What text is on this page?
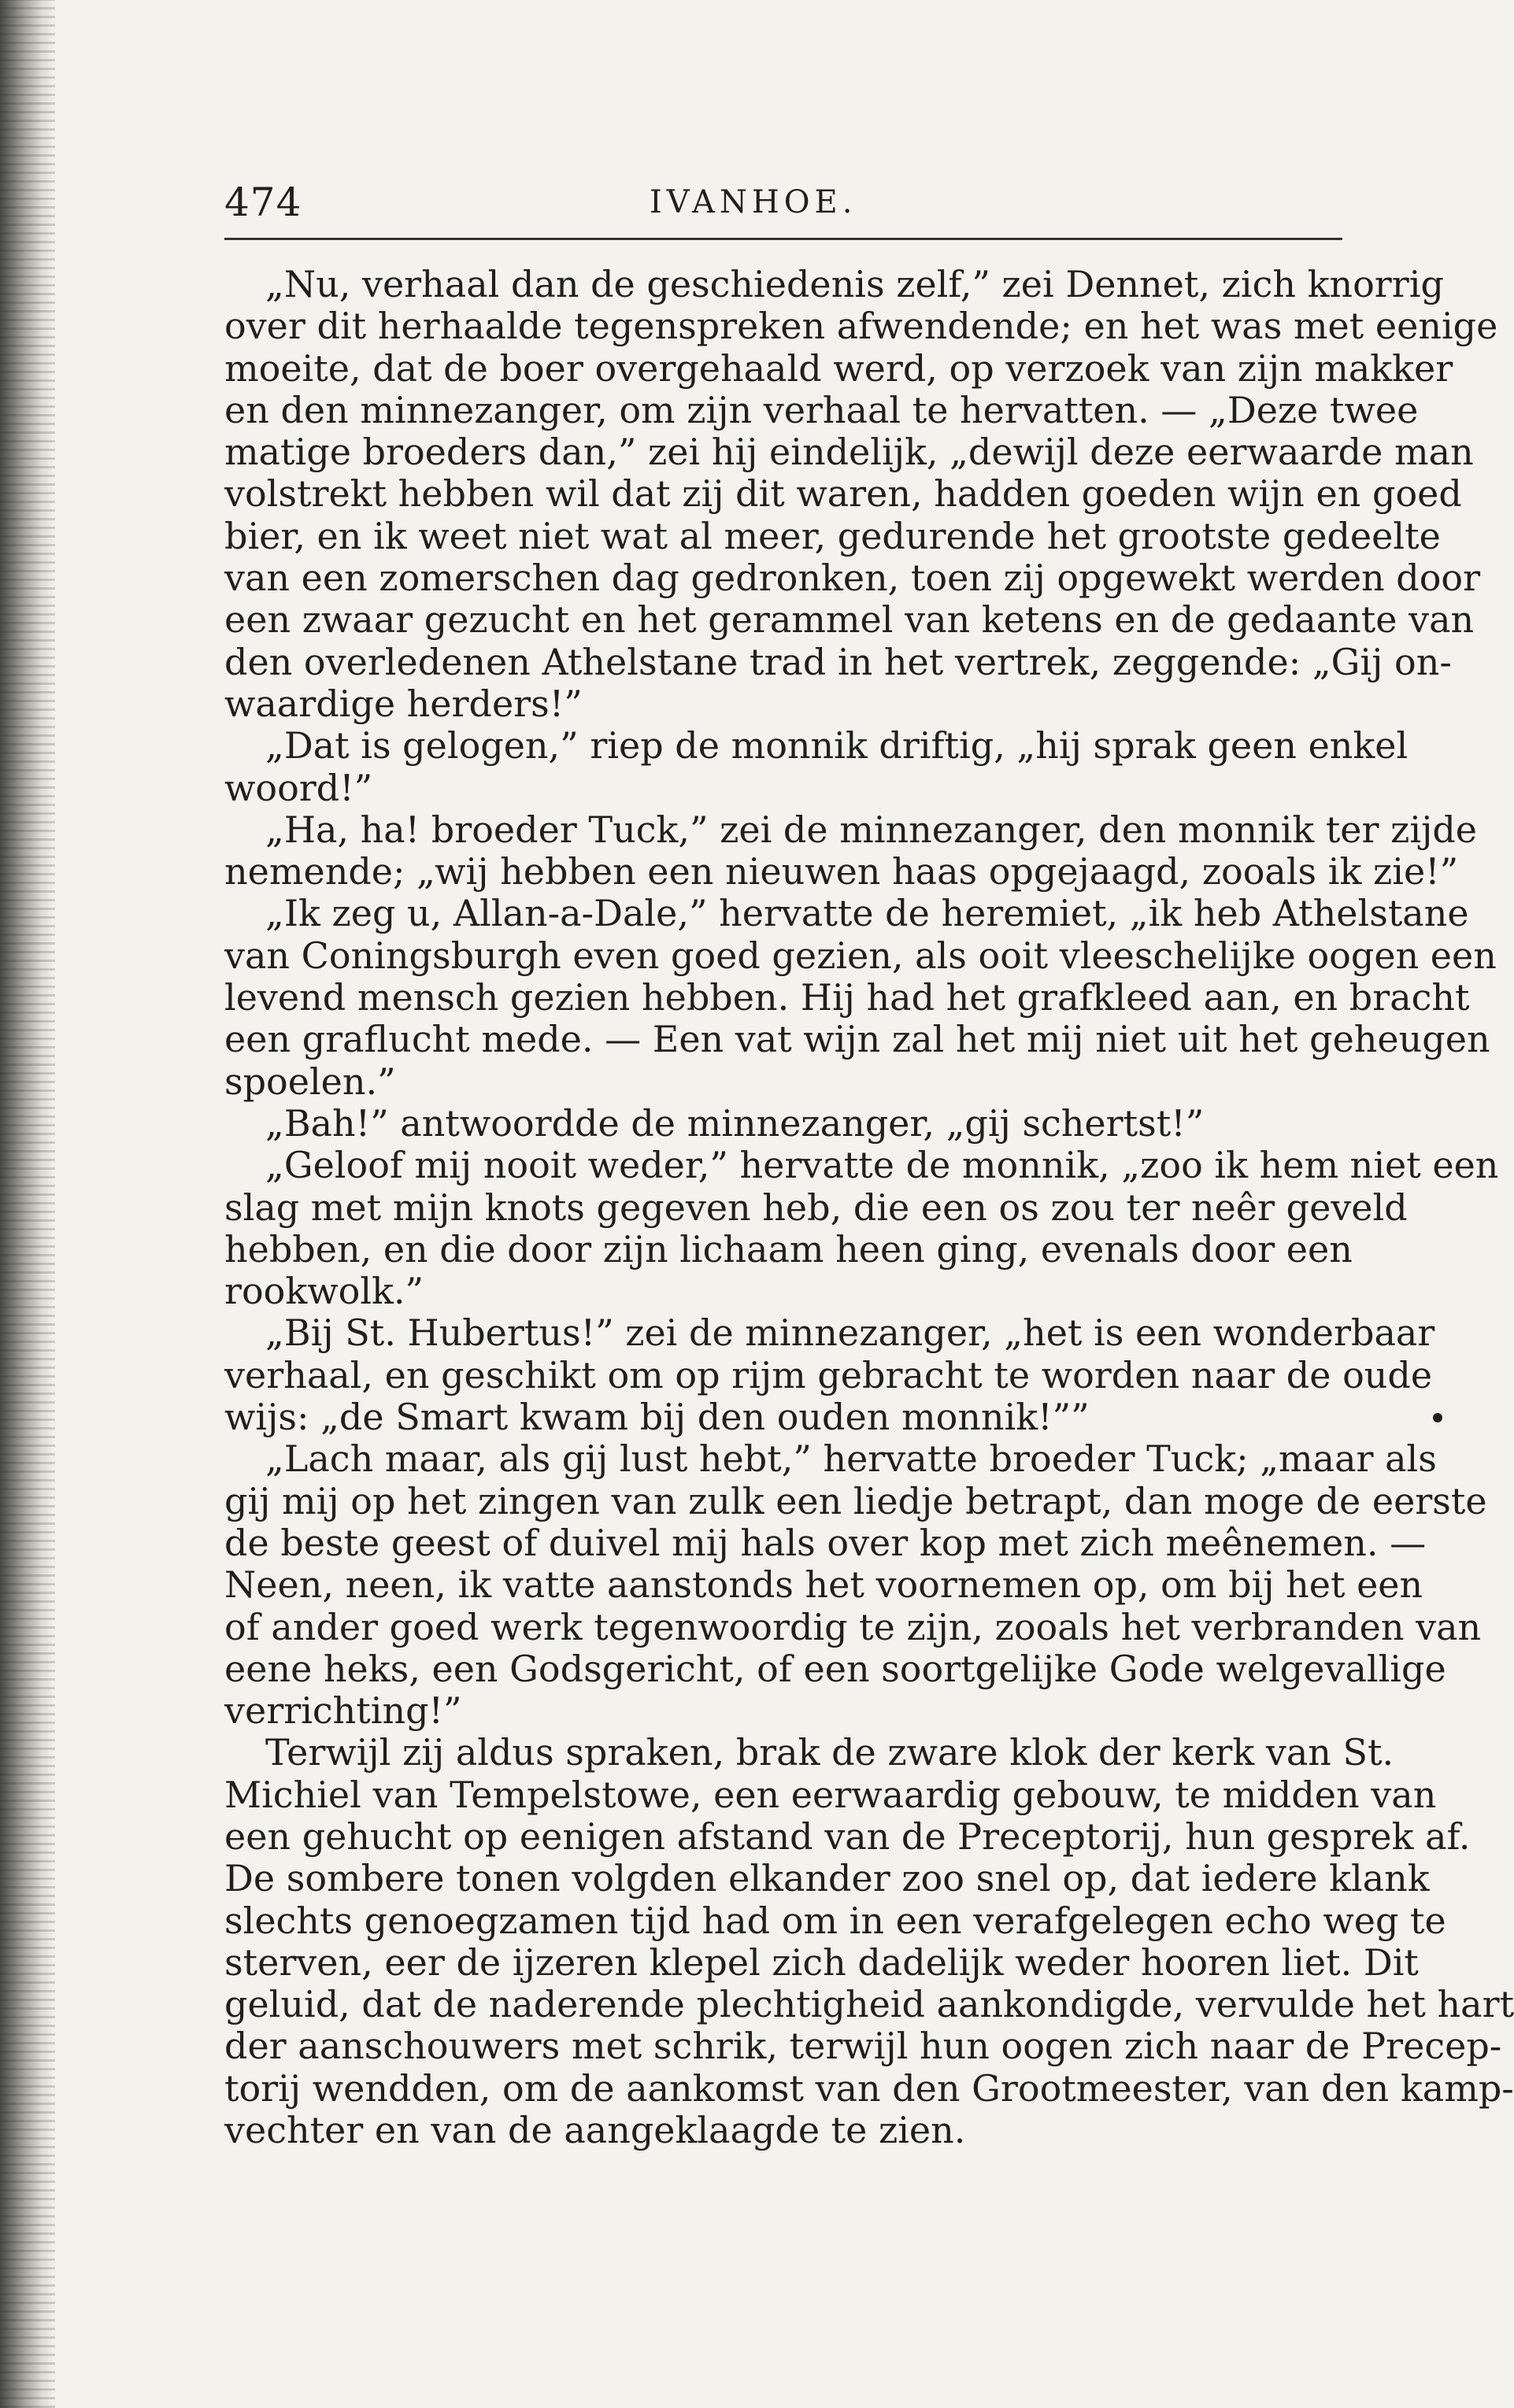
474	IVANHOE.
„Nu, verhaal dan de geschiedenis zelf,” zei Dennet, zich knorrig
over dit herhaalde tegenspreken afwendende; en het was met eenige
moeite, dat de boer overgehaald werd, op verzoek van zijn makker
en den minnezanger, om zijn verhaal te hervatten. — „Deze twee
matige broeders dan,” zei hij eindelijk, „dewijl deze eerwaarde man
volstrekt hebben wil dat zij dit waren, hadden goeden wijn en goed
bier, en ik weet niet wat al meer, gedurende het grootste gedeelte
van een zomerschen dag gedronken, toen zij opgewekt werden door
een zwaar gezucht en het gerammel van ketens en de gedaante van
den overledenen Athelstane trad in het vertrek, zeggende: „Gij on-
waardige herders!”
„Dat is gelogen,” riep de monnik driftig, „hij sprak geen enkel
woord!”
„Ha, ha! broeder Tuck,” zei de minnezanger, den monnik ter zijde
nemende; „wij hebben een nieuwen haas opgejaagd, zooals ik zie!”
„Ik zeg u, Allan-a-Dale,” hervatte de heremiet, „ik heb Athelstane
van Coningsburgh even goed gezien, als ooit vleeschelijke oogen een
levend mensch gezien hebben. Hij had het grafkleed aan, en bracht
een graflucht mede. — Een vat wijn zal het mij niet uit het geheugen
spoelen.”
„Bah!” antwoordde de minnezanger, „gij schertst!”
„Geloof mij nooit weder,” hervatte de monnik, „zoo ik hem niet een
slag met mijn knots gegeven heb, die een os zou ter neêr geveld
hebben, en die door zijn lichaam heen ging, evenals door een
rookwolk.”
„Bij St. Hubertus!” zei de minnezanger, „het is een wonderbaar
verhaal, en geschikt om op rijm gebracht te worden naar de oude
wijs: „de Smart kwam bij den ouden monnik!””
„Lach maar, als gij lust hebt,” hervatte broeder Tuck; „maar als
gij mij op het zingen van zulk een liedje betrapt, dan moge de eerste
de beste geest of duivel mij hals over kop met zich meênemen. —
Neen, neen, ik vatte aanstonds het voornemen op, om bij het een
of ander goed werk tegenwoordig te zijn, zooals het verbranden van
eene heks, een Godsgericht, of een soortgelijke Gode welgevallige
verrichting!”
Terwijl zij aldus spraken, brak de zware klok der kerk van St.
Michiel van Tempelstowe, een eerwaardig gebouw, te midden van
een gehucht op eenigen afstand van de Preceptorij, hun gesprek af.
De sombere tonen volgden elkander zoo snel op, dat iedere klank
slechts genoegzamen tijd had om in een verafgelegen echo weg te
sterven, eer de ijzeren klepel zich dadelijk weder hooren liet. Dit
geluid, dat de naderende plechtigheid aankondigde, vervulde het hart
der aanschouwers met schrik, terwijl hun oogen zich naar de Precep-
torij wendden, om de aankomst van den Grootmeester, van den kamp-
vechter en van de aangeklaagde te zien.
